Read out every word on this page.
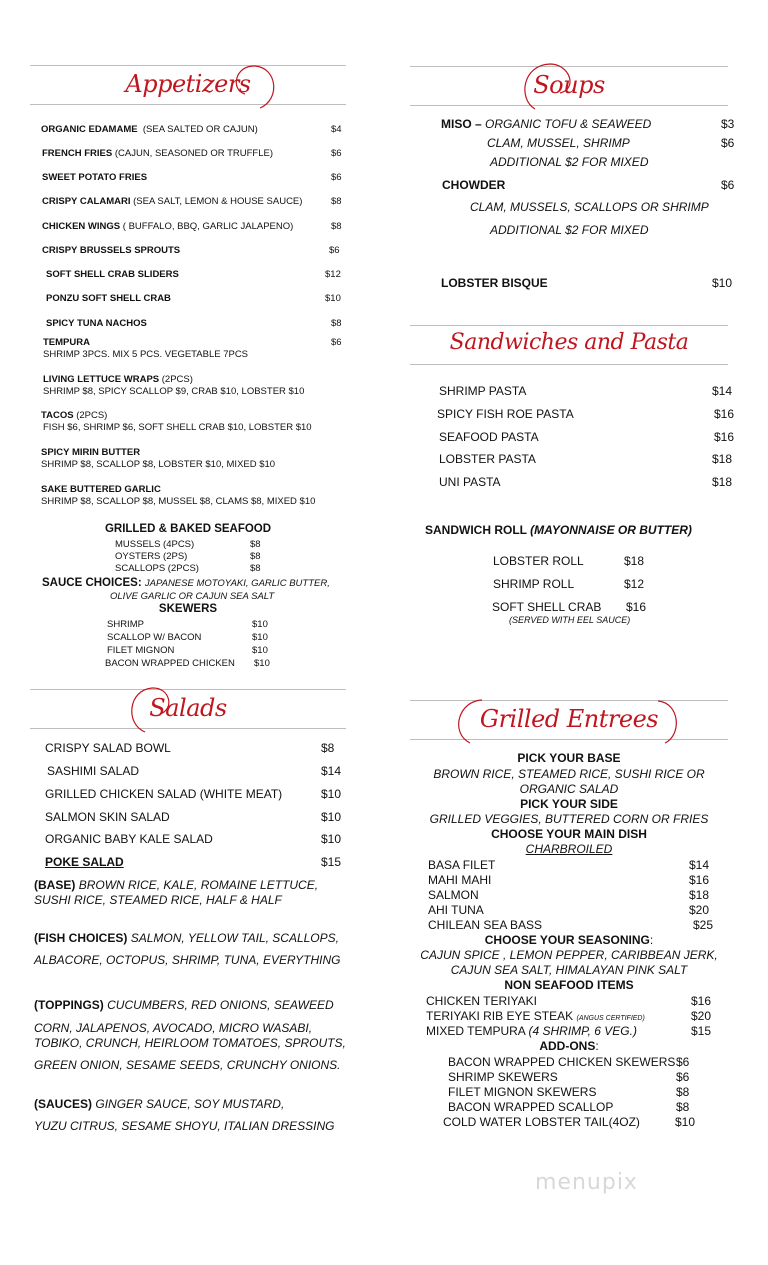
Appetizers
ORGANIC EDAMAME (SEA SALTED OR CAJUN)	$4
FRENCH FRIES (CAJUN, SEASONED OR TRUFFLE)	$6
SWEET POTATO FRIES	$6
CRISPY CALAMARI (SEA SALT, LEMON & HOUSE SAUCE)	$8
CHICKEN WINGS ( BUFFALO, BBQ, GARLIC JALAPENO)	$8
CRISPY BRUSSELS SPROUTS	$6
SOFT SHELL CRAB SLIDERS	$12
PONZU SOFT SHELL CRAB	$10
SPICY TUNA NACHOS	$8
TEMPURA	$6
SHRIMP 3PCS. MIX 5 PCS. VEGETABLE 7PCS
LIVING LETTUCE WRAPS (2PCS)
SHRIMP $8, SPICY SCALLOP $9, CRAB $10, LOBSTER $10
TACOS (2PCS)
FISH $6, SHRIMP $6, SOFT SHELL CRAB $10, LOBSTER $10
SPICY MIRIN BUTTER
SHRIMP $8, SCALLOP $8, LOBSTER $10, MIXED $10
SAKE BUTTERED GARLIC
SHRIMP $8, SCALLOP $8, MUSSEL $8, CLAMS $8, MIXED $10
GRILLED & BAKED SEAFOOD
MUSSELS (4PCS)	$8
OYSTERS (2PS)	$8
SCALLOPS (2PCS)	$8
SAUCE CHOICES: JAPANESE MOTOYAKI, GARLIC BUTTER,
OLIVE GARLIC OR CAJUN SEA SALT
SKEWERS
SHRIMP	$10
SCALLOP W/ BACON	$10
FILET MIGNON	$10
BACON WRAPPED CHICKEN $10
Salads
CRISPY SALAD BOWL	$8
SASHIMI SALAD	$14
GRILLED CHICKEN SALAD (WHITE MEAT)	$10
SALMON SKIN SALAD	$10
ORGANIC BABY KALE SALAD	$10
POKE SALAD	$15
(BASE) BROWN RICE, KALE, ROMAINE LETTUCE,
SUSHI RICE, STEAMED RICE, HALF & HALF
(FISH CHOICES) SALMON, YELLOW TAIL, SCALLOPS,
ALBACORE, OCTOPUS, SHRIMP, TUNA, EVERYTHING
(TOPPINGS) CUCUMBERS, RED ONIONS, SEAWEED
CORN, JALAPENOS, AVOCADO, MICRO WASABI,
TOBIKO, CRUNCH, HEIRLOOM TOMATOES, SPROUTS,
GREEN ONION, SESAME SEEDS, CRUNCHY ONIONS.
(SAUCES) GINGER SAUCE, SOY MUSTARD,
YUZU CITRUS, SESAME SHOYU, ITALIAN DRESSING
Soups
MISO – ORGANIC TOFU & SEAWEED	$3
CLAM, MUSSEL, SHRIMP	$6
ADDITIONAL $2 FOR MIXED
CHOWDER	$6
CLAM, MUSSELS, SCALLOPS OR SHRIMP
ADDITIONAL $2 FOR MIXED
LOBSTER BISQUE	$10
Sandwiches and Pasta
SHRIMP PASTA	$14
SPICY FISH ROE PASTA	$16
SEAFOOD PASTA	$16
LOBSTER PASTA	$18
UNI PASTA	$18
SANDWICH ROLL (MAYONNAISE OR BUTTER)
LOBSTER ROLL	$18
SHRIMP ROLL	$12
SOFT SHELL CRAB $16
(SERVED WITH EEL SAUCE)
Grilled Entrees
PICK YOUR BASE
BROWN RICE, STEAMED RICE, SUSHI RICE OR
ORGANIC SALAD
PICK YOUR SIDE
GRILLED VEGGIES, BUTTERED CORN OR FRIES
CHOOSE YOUR MAIN DISH
CHARBROILED
BASA FILET	$14
MAHI MAHI	$16
SALMON	$18
AHI TUNA	$20
CHILEAN SEA BASS	$25
CHOOSE YOUR SEASONING:
CAJUN SPICE , LEMON PEPPER, CARIBBEAN JERK,
CAJUN SEA SALT, HIMALAYAN PINK SALT
NON SEAFOOD ITEMS
CHICKEN TERIYAKI	$16
TERIYAKI RIB EYE STEAK (ANGUS CERTIFIED)	$20
MIXED TEMPURA (4 SHRIMP, 6 VEG.)	$15
ADD-ONS:
BACON WRAPPED CHICKEN SKEWERS $6
SHRIMP SKEWERS	$6
FILET MIGNON SKEWERS	$8
BACON WRAPPED SCALLOP	$8
COLD WATER LOBSTER TAIL(4OZ)	$10
menupix
